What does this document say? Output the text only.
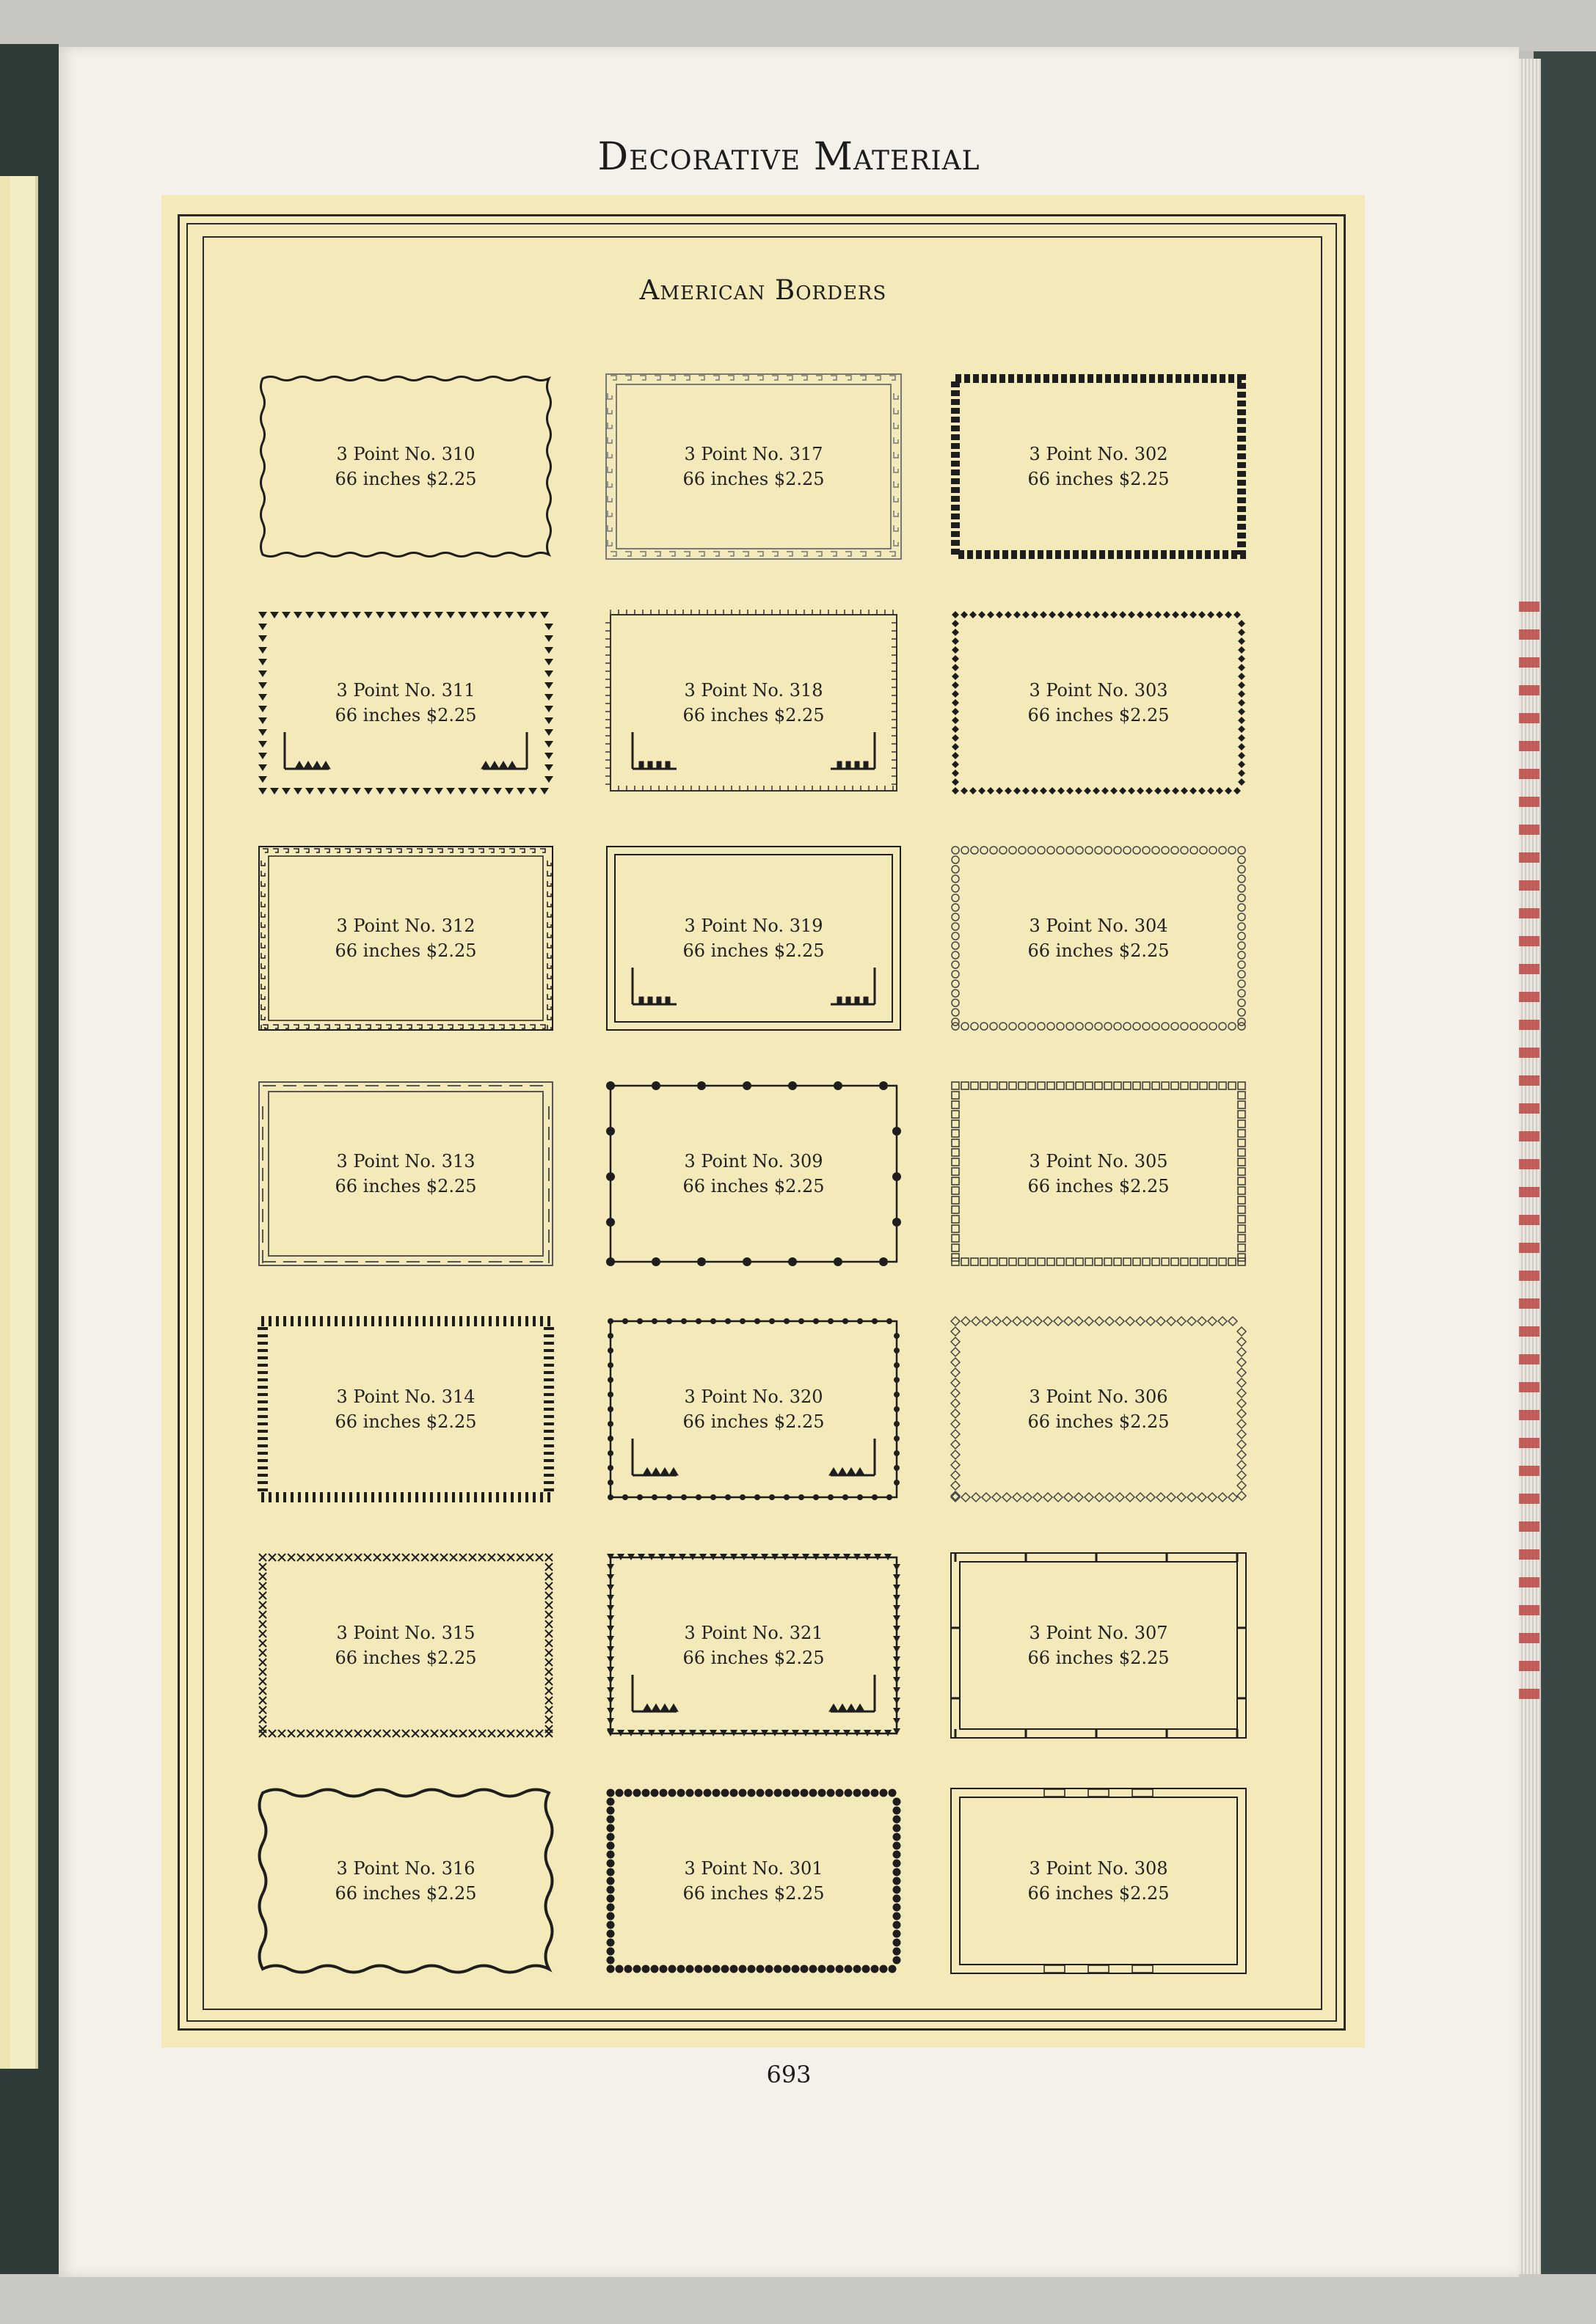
Decorative Material
American Borders
3 Point No. 310
66 inches $2.25
3 Point No. 317
66 inches $2.25
3 Point No. 302
66 inches $2.25
3 Point No. 311
66 inches $2.25
3 Point No. 318
66 inches $2.25
3 Point No. 303
66 inches $2.25
3 Point No. 312
66 inches $2.25
3 Point No. 319
66 inches $2.25
3 Point No. 304
66 inches $2.25
3 Point No. 313
66 inches $2.25
3 Point No. 309
66 inches $2.25
3 Point No. 305
66 inches $2.25
3 Point No. 314
66 inches $2.25
3 Point No. 320
66 inches $2.25
3 Point No. 306
66 inches $2.25
3 Point No. 315
66 inches $2.25
3 Point No. 321
66 inches $2.25
3 Point No. 307
66 inches $2.25
3 Point No. 316
66 inches $2.25
3 Point No. 301
66 inches $2.25
3 Point No. 308
66 inches $2.25
693
